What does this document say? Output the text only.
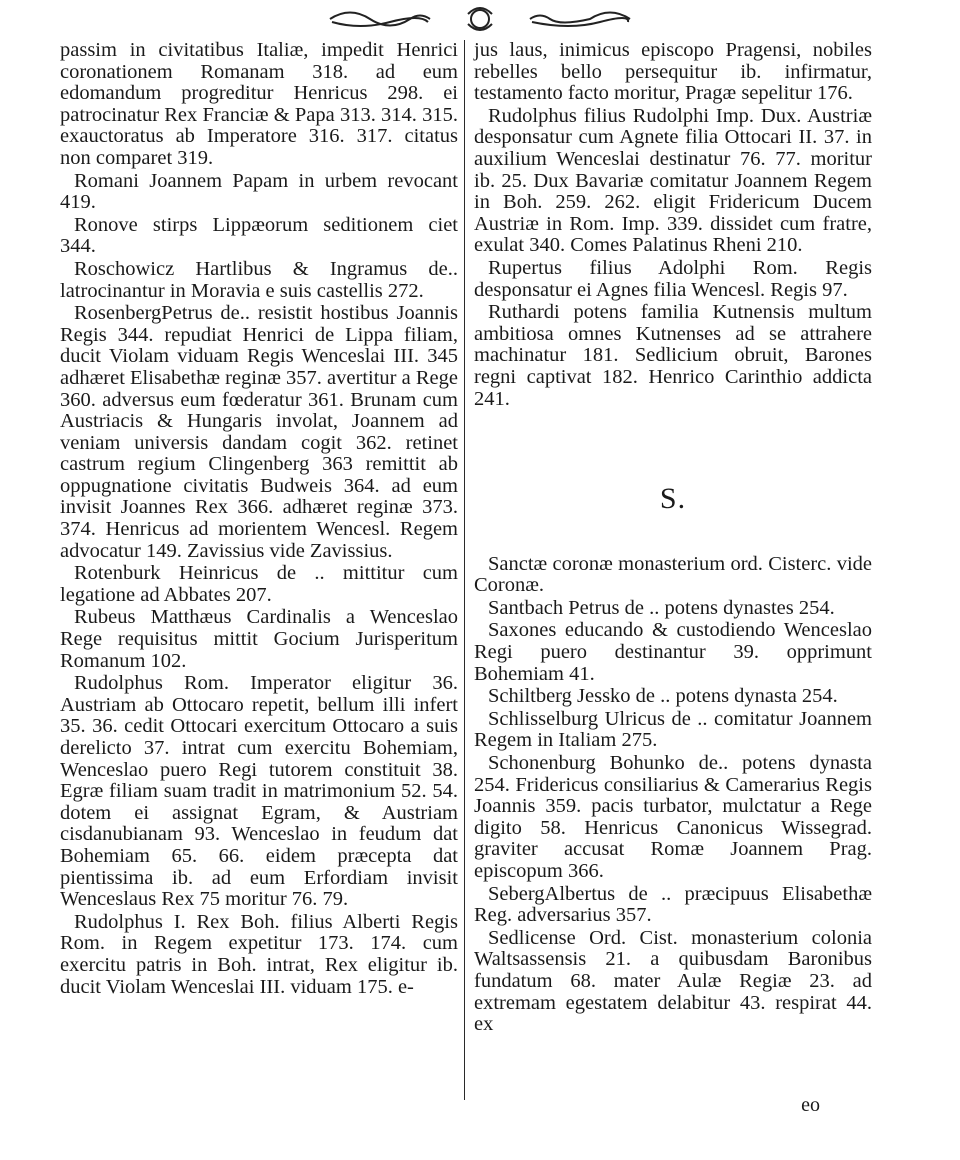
passim in civitatibus Italiæ, impedit Henrici coronationem Romanam 318. ad eum edomandum progreditur Henricus 298. ei patrocinatur Rex Franciæ & Papa 313. 314. 315. exauctoratus ab Imperatore 316. 317. citatus non comparet 319.

Romani Joannem Papam in urbem revocant 419.

Ronove stirps Lippæorum seditionem ciet 344.

Roschowicz Hartlibus & Ingramus de.. latrocinantur in Moravia e suis castellis 272.

RosenbergPetrus de.. resistit hostibus Joannis Regis 344. repudiat Henrici de Lippa filiam, ducit Violam viduam Regis Wenceslai III. 345 adhæret Elisabethæ reginæ 357. avertitur a Rege 360. adversus eum fœderatur 361. Brunam cum Austriacis & Hungaris involat, Joannem ad veniam universis dandam cogit 362. retinet castrum regium Clingenberg 363 remittit ab oppugnatione civitatis Budweis 364. ad eum invisit Joannes Rex 366. adhæret reginæ 373. 374. Henricus ad morientem Wencesl. Regem advocatur 149. Zavissius vide Zavissius.

Rotenburk Heinricus de .. mittitur cum legatione ad Abbates 207.

Rubeus Matthæus Cardinalis a Wenceslao Rege requisitus mittit Gocium Jurisperitum Romanum 102.

Rudolphus Rom. Imperator eligitur 36. Austriam ab Ottocaro repetit, bellum illi infert 35. 36. cedit Ottocari exercitum Ottocaro a suis derelicto 37. intrat cum exercitu Bohemiam, Wenceslao puero Regi tutorem constituit 38. Egræ filiam suam tradit in matrimonium 52. 54. dotem ei assignat Egram, & Austriam cisdanubianam 93. Wenceslao in feudum dat Bohemiam 65. 66. eidem præcepta dat pientissima ib. ad eum Erfordiam invisit Wenceslaus Rex 75 moritur 76. 79.

Rudolphus I. Rex Boh. filius Alberti Regis Rom. in Regem expetitur 173. 174. cum exercitu patris in Boh. intrat, Rex eligitur ib. ducit Violam Wenceslai III. viduam 175. e-

jus laus, inimicus episcopo Pragensi, nobiles rebelles bello persequitur ib. infirmatur, testamento facto moritur, Pragæ sepelitur 176.

Rudolphus filius Rudolphi Imp. Dux. Austriæ desponsatur cum Agnete filia Ottocari II. 37. in auxilium Wenceslai destinatur 76. 77. moritur ib. 25. Dux Bavariæ comitatur Joannem Regem in Boh. 259. 262. eligit Fridericum Ducem Austriæ in Rom. Imp. 339. dissidet cum fratre, exulat 340. Comes Palatinus Rheni 210.

Rupertus filius Adolphi Rom. Regis desponsatur ei Agnes filia Wencesl. Regis 97.

Ruthardi potens familia Kutnensis multum ambitiosa omnes Kutnenses ad se attrahere machinatur 181. Sedlicium obruit, Barones regni captivat 182. Henrico Carinthio addicta 241.

S.

Sanctæ coronæ monasterium ord. Cisterc. vide Coronæ.

Santbach Petrus de .. potens dynastes 254.

Saxones educando & custodiendo Wenceslao Regi puero destinantur 39. opprimunt Bohemiam 41.

Schiltberg Jessko de .. potens dynasta 254.

Schlisselburg Ulricus de .. comitatur Joannem Regem in Italiam 275.

Schonenburg Bohunko de.. potens dynasta 254. Fridericus consiliarius & Camerarius Regis Joannis 359. pacis turbator, mulctatur a Rege digito 58. Henricus Canonicus Wissegrad. graviter accusat Romæ Joannem Prag. episcopum 366.

SebergAlbertus de .. præcipuus Elisabethæ Reg. adversarius 357.

Sedlicense Ord. Cist. monasterium colonia Waltsassensis 21. a quibusdam Baronibus fundatum 68. mater Aulæ Regiæ 23. ad extremam egestatem delabitur 43. respirat 44. ex

eo
